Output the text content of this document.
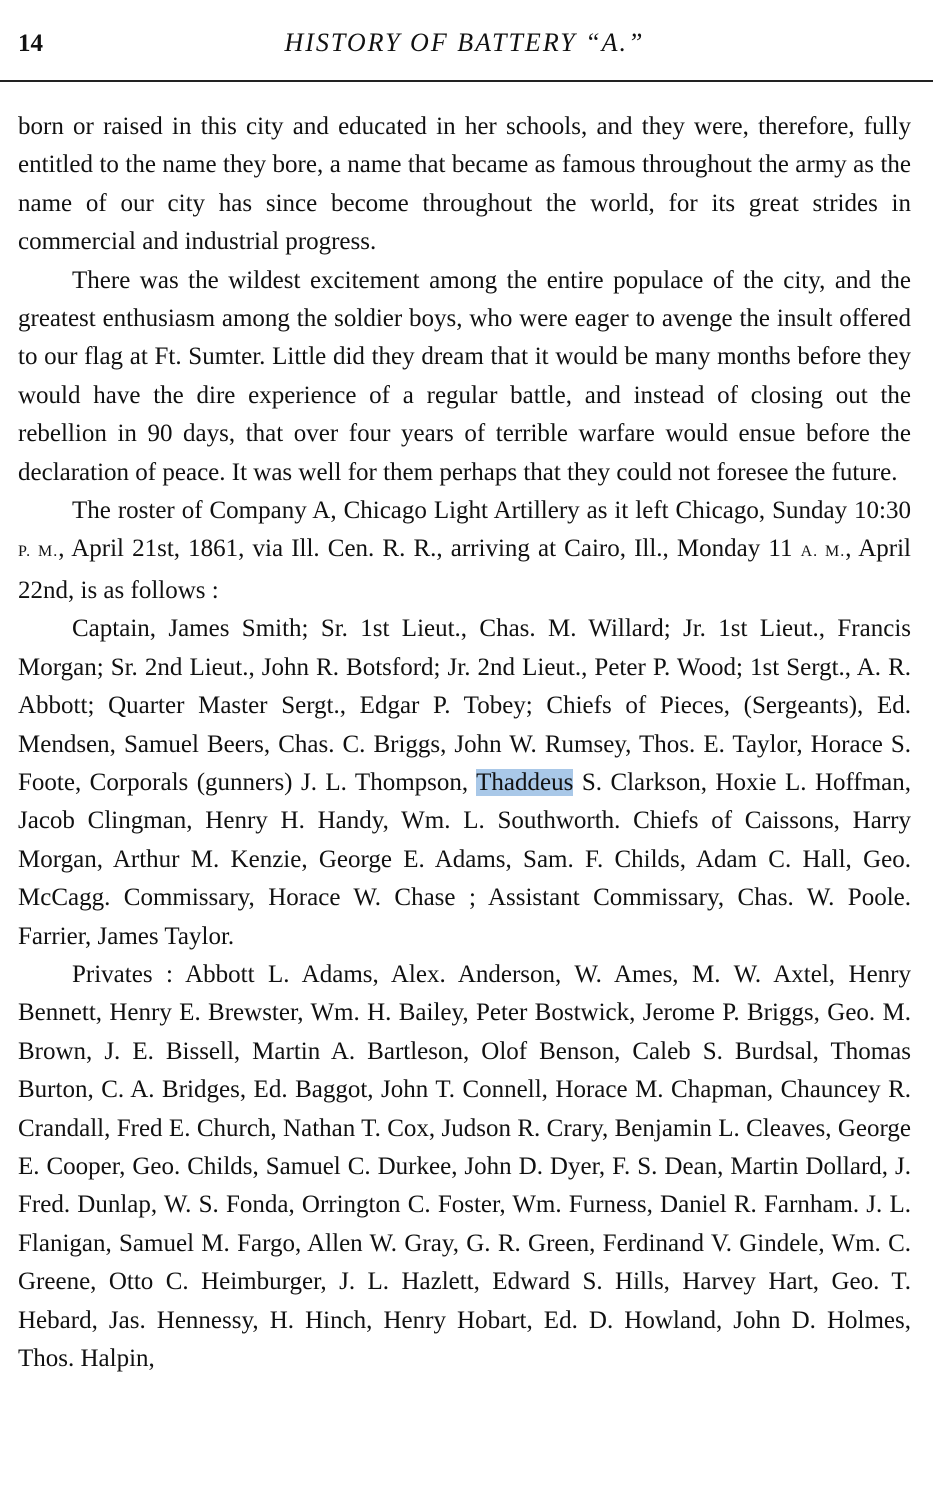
14	HISTORY OF BATTERY “A.”

born or raised in this city and educated in her schools, and they were, therefore, fully entitled to the name they bore, a name that became as famous throughout the army as the name of our city has since become throughout the world, for its great strides in commercial and industrial progress.

There was the wildest excitement among the entire populace of the city, and the greatest enthusiasm among the soldier boys, who were eager to avenge the insult offered to our flag at Ft. Sumter. Little did they dream that it would be many months before they would have the dire experience of a regular battle, and instead of closing out the rebellion in 90 days, that over four years of terrible warfare would ensue before the declaration of peace. It was well for them perhaps that they could not foresee the future.

The roster of Company A, Chicago Light Artillery as it left Chicago, Sunday 10:30 P. M., April 21st, 1861, via Ill. Cen. R. R., arriving at Cairo, Ill., Monday 11 A. M., April 22nd, is as follows :

Captain, James Smith; Sr. 1st Lieut., Chas. M. Willard; Jr. 1st Lieut., Francis Morgan; Sr. 2nd Lieut., John R. Botsford; Jr. 2nd Lieut., Peter P. Wood; 1st Sergt., A. R. Abbott; Quarter Master Sergt., Edgar P. Tobey; Chiefs of Pieces, (Sergeants), Ed. Mendsen, Samuel Beers, Chas. C. Briggs, John W. Rumsey, Thos. E. Taylor, Horace S. Foote, Corporals (gunners) J. L. Thompson, Thaddeus S. Clarkson, Hoxie L. Hoffman, Jacob Clingman, Henry H. Handy, Wm. L. Southworth. Chiefs of Caissons, Harry Morgan, Arthur M. Kenzie, George E. Adams, Sam. F. Childs, Adam C. Hall, Geo. McCagg. Commissary, Horace W. Chase ; Assistant Commissary, Chas. W. Poole. Farrier, James Taylor.

Privates : Abbott L. Adams, Alex. Anderson, W. Ames, M. W. Axtel, Henry Bennett, Henry E. Brewster, Wm. H. Bailey, Peter Bostwick, Jerome P. Briggs, Geo. M. Brown, J. E. Bissell, Martin A. Bartleson, Olof Benson, Caleb S. Burdsal, Thomas Burton, C. A. Bridges, Ed. Baggot, John T. Connell, Horace M. Chapman, Chauncey R. Crandall, Fred E. Church, Nathan T. Cox, Judson R. Crary, Benjamin L. Cleaves, George E. Cooper, Geo. Childs, Samuel C. Durkee, John D. Dyer, F. S. Dean, Martin Dollard, J. Fred. Dunlap, W. S. Fonda, Orrington C. Foster, Wm. Furness, Daniel R. Farnham. J. L. Flanigan, Samuel M. Fargo, Allen W. Gray, G. R. Green, Ferdinand V. Gindele, Wm. C. Greene, Otto C. Heimburger, J. L. Hazlett, Edward S. Hills, Harvey Hart, Geo. T. Hebard, Jas. Hennessy, H. Hinch, Henry Hobart, Ed. D. Howland, John D. Holmes, Thos. Halpin,
